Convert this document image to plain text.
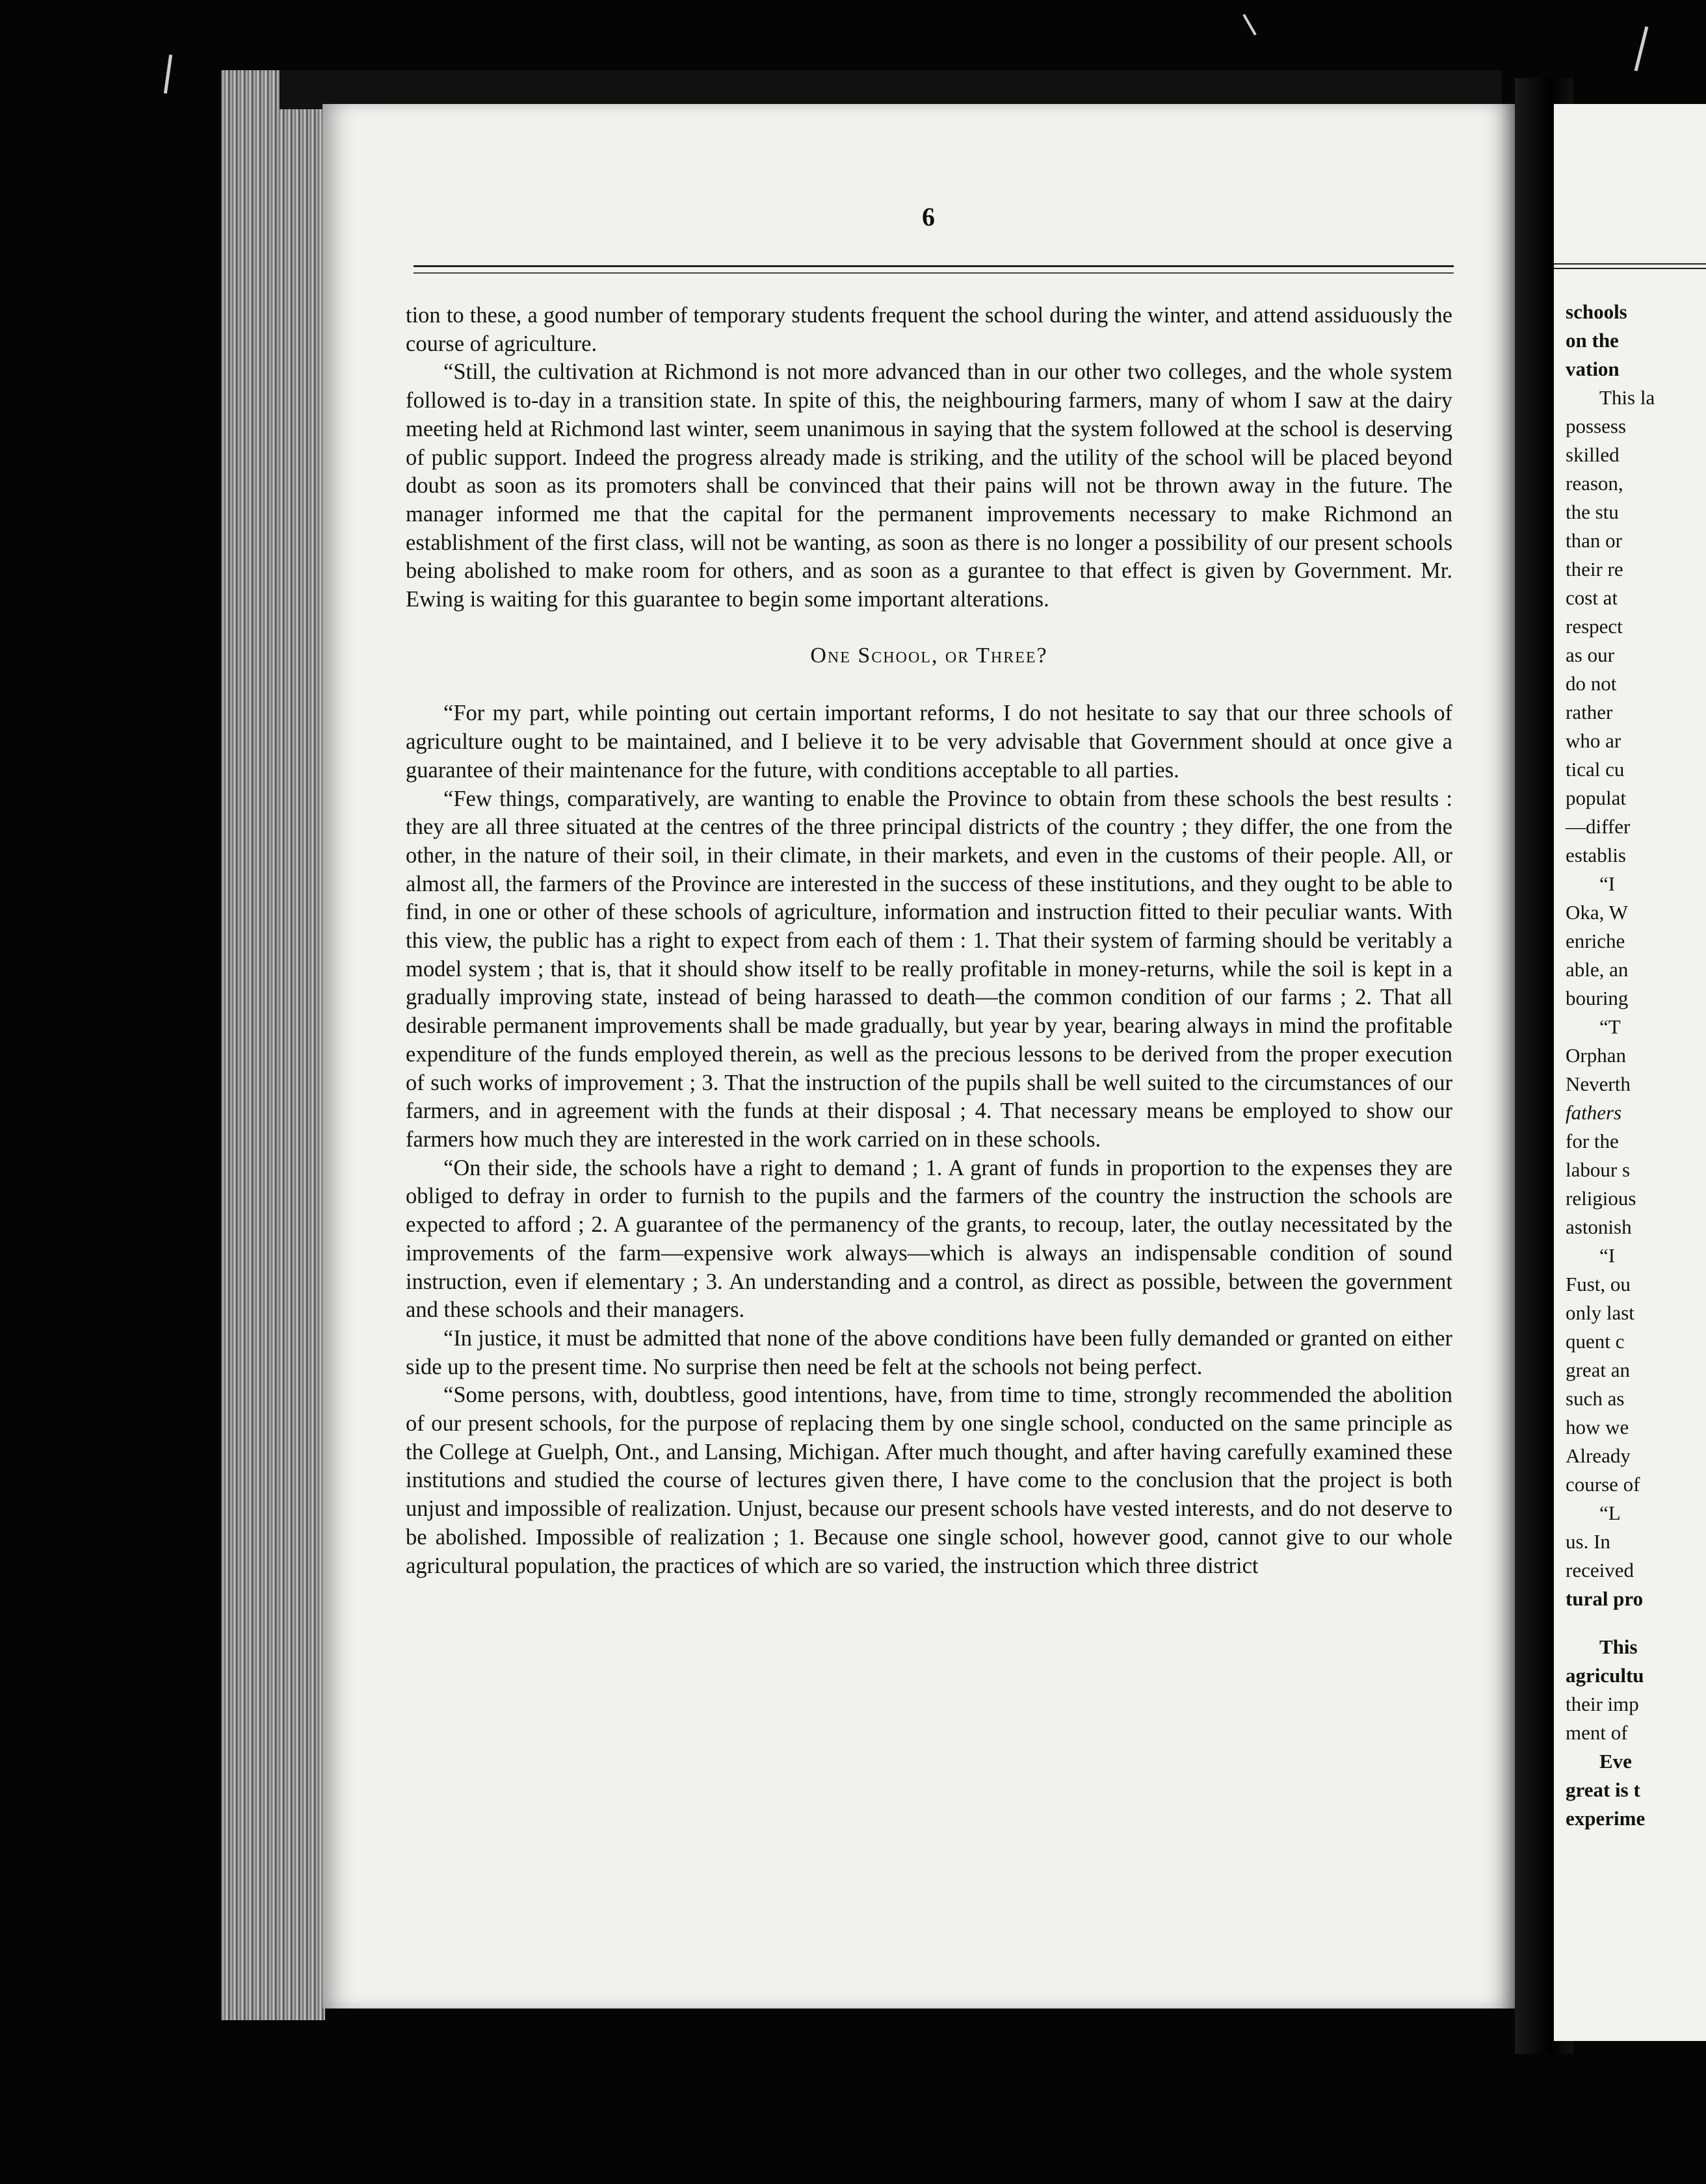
schools
on the
vation
This la
possess
skilled
reason,
the stu
than or
their re
cost at
respect
as our
do not
rather
who ar
tical cu
populat
—differ
establis
“I
Oka, W
enriche
able, an
bouring
“T
Orphan
Neverth
fathers
for the
labour s
religious
astonish
“I
Fust, ou
only last
quent c
great an
such as
how we
Already
course of
“L
us. In
received
tural pro
This
agricultu
their imp
ment of
Eve
great is t
experime
6

tion to these, a good number of temporary students frequent the school during the winter, and attend assiduously the course of agriculture.

“Still, the cultivation at Richmond is not more advanced than in our other two colleges, and the whole system followed is to-day in a transition state. In spite of this, the neighbouring farmers, many of whom I saw at the dairy meeting held at Richmond last winter, seem unanimous in saying that the system followed at the school is deserving of public support. Indeed the progress already made is striking, and the utility of the school will be placed beyond doubt as soon as its promoters shall be convinced that their pains will not be thrown away in the future. The manager informed me that the capital for the permanent improvements necessary to make Richmond an establishment of the first class, will not be wanting, as soon as there is no longer a possibility of our present schools being abolished to make room for others, and as soon as a gurantee to that effect is given by Government. Mr. Ewing is waiting for this guarantee to begin some important alterations.

One School, or Three?

“For my part, while pointing out certain important reforms, I do not hesitate to say that our three schools of agriculture ought to be maintained, and I believe it to be very advisable that Government should at once give a guarantee of their maintenance for the future, with conditions acceptable to all parties.

“Few things, comparatively, are wanting to enable the Province to obtain from these schools the best results : they are all three situated at the centres of the three principal districts of the country ; they differ, the one from the other, in the nature of their soil, in their climate, in their markets, and even in the customs of their people. All, or almost all, the farmers of the Province are interested in the success of these institutions, and they ought to be able to find, in one or other of these schools of agriculture, information and instruction fitted to their peculiar wants. With this view, the public has a right to expect from each of them : 1. That their system of farming should be veritably a model system ; that is, that it should show itself to be really profitable in money-returns, while the soil is kept in a gradually improving state, instead of being harassed to death—the common condition of our farms ; 2. That all desirable permanent improvements shall be made gradually, but year by year, bearing always in mind the profitable expenditure of the funds employed therein, as well as the precious lessons to be derived from the proper execution of such works of improvement ; 3. That the instruction of the pupils shall be well suited to the circumstances of our farmers, and in agreement with the funds at their disposal ; 4. That necessary means be employed to show our farmers how much they are interested in the work carried on in these schools.

“On their side, the schools have a right to demand ; 1. A grant of funds in proportion to the expenses they are obliged to defray in order to furnish to the pupils and the farmers of the country the instruction the schools are expected to afford ; 2. A guarantee of the permanency of the grants, to recoup, later, the outlay necessitated by the improvements of the farm—expensive work always—which is always an indispensable condition of sound instruction, even if elementary ; 3. An understanding and a control, as direct as possible, between the government and these schools and their managers.

“In justice, it must be admitted that none of the above conditions have been fully demanded or granted on either side up to the present time. No surprise then need be felt at the schools not being perfect.

“Some persons, with, doubtless, good intentions, have, from time to time, strongly recommended the abolition of our present schools, for the purpose of replacing them by one single school, conducted on the same principle as the College at Guelph, Ont., and Lansing, Michigan. After much thought, and after having carefully examined these institutions and studied the course of lectures given there, I have come to the conclusion that the project is both unjust and impossible of realization. Unjust, because our present schools have vested interests, and do not deserve to be abolished. Impossible of realization ; 1. Because one single school, however good, cannot give to our whole agricultural population, the practices of which are so varied, the instruction which three district
